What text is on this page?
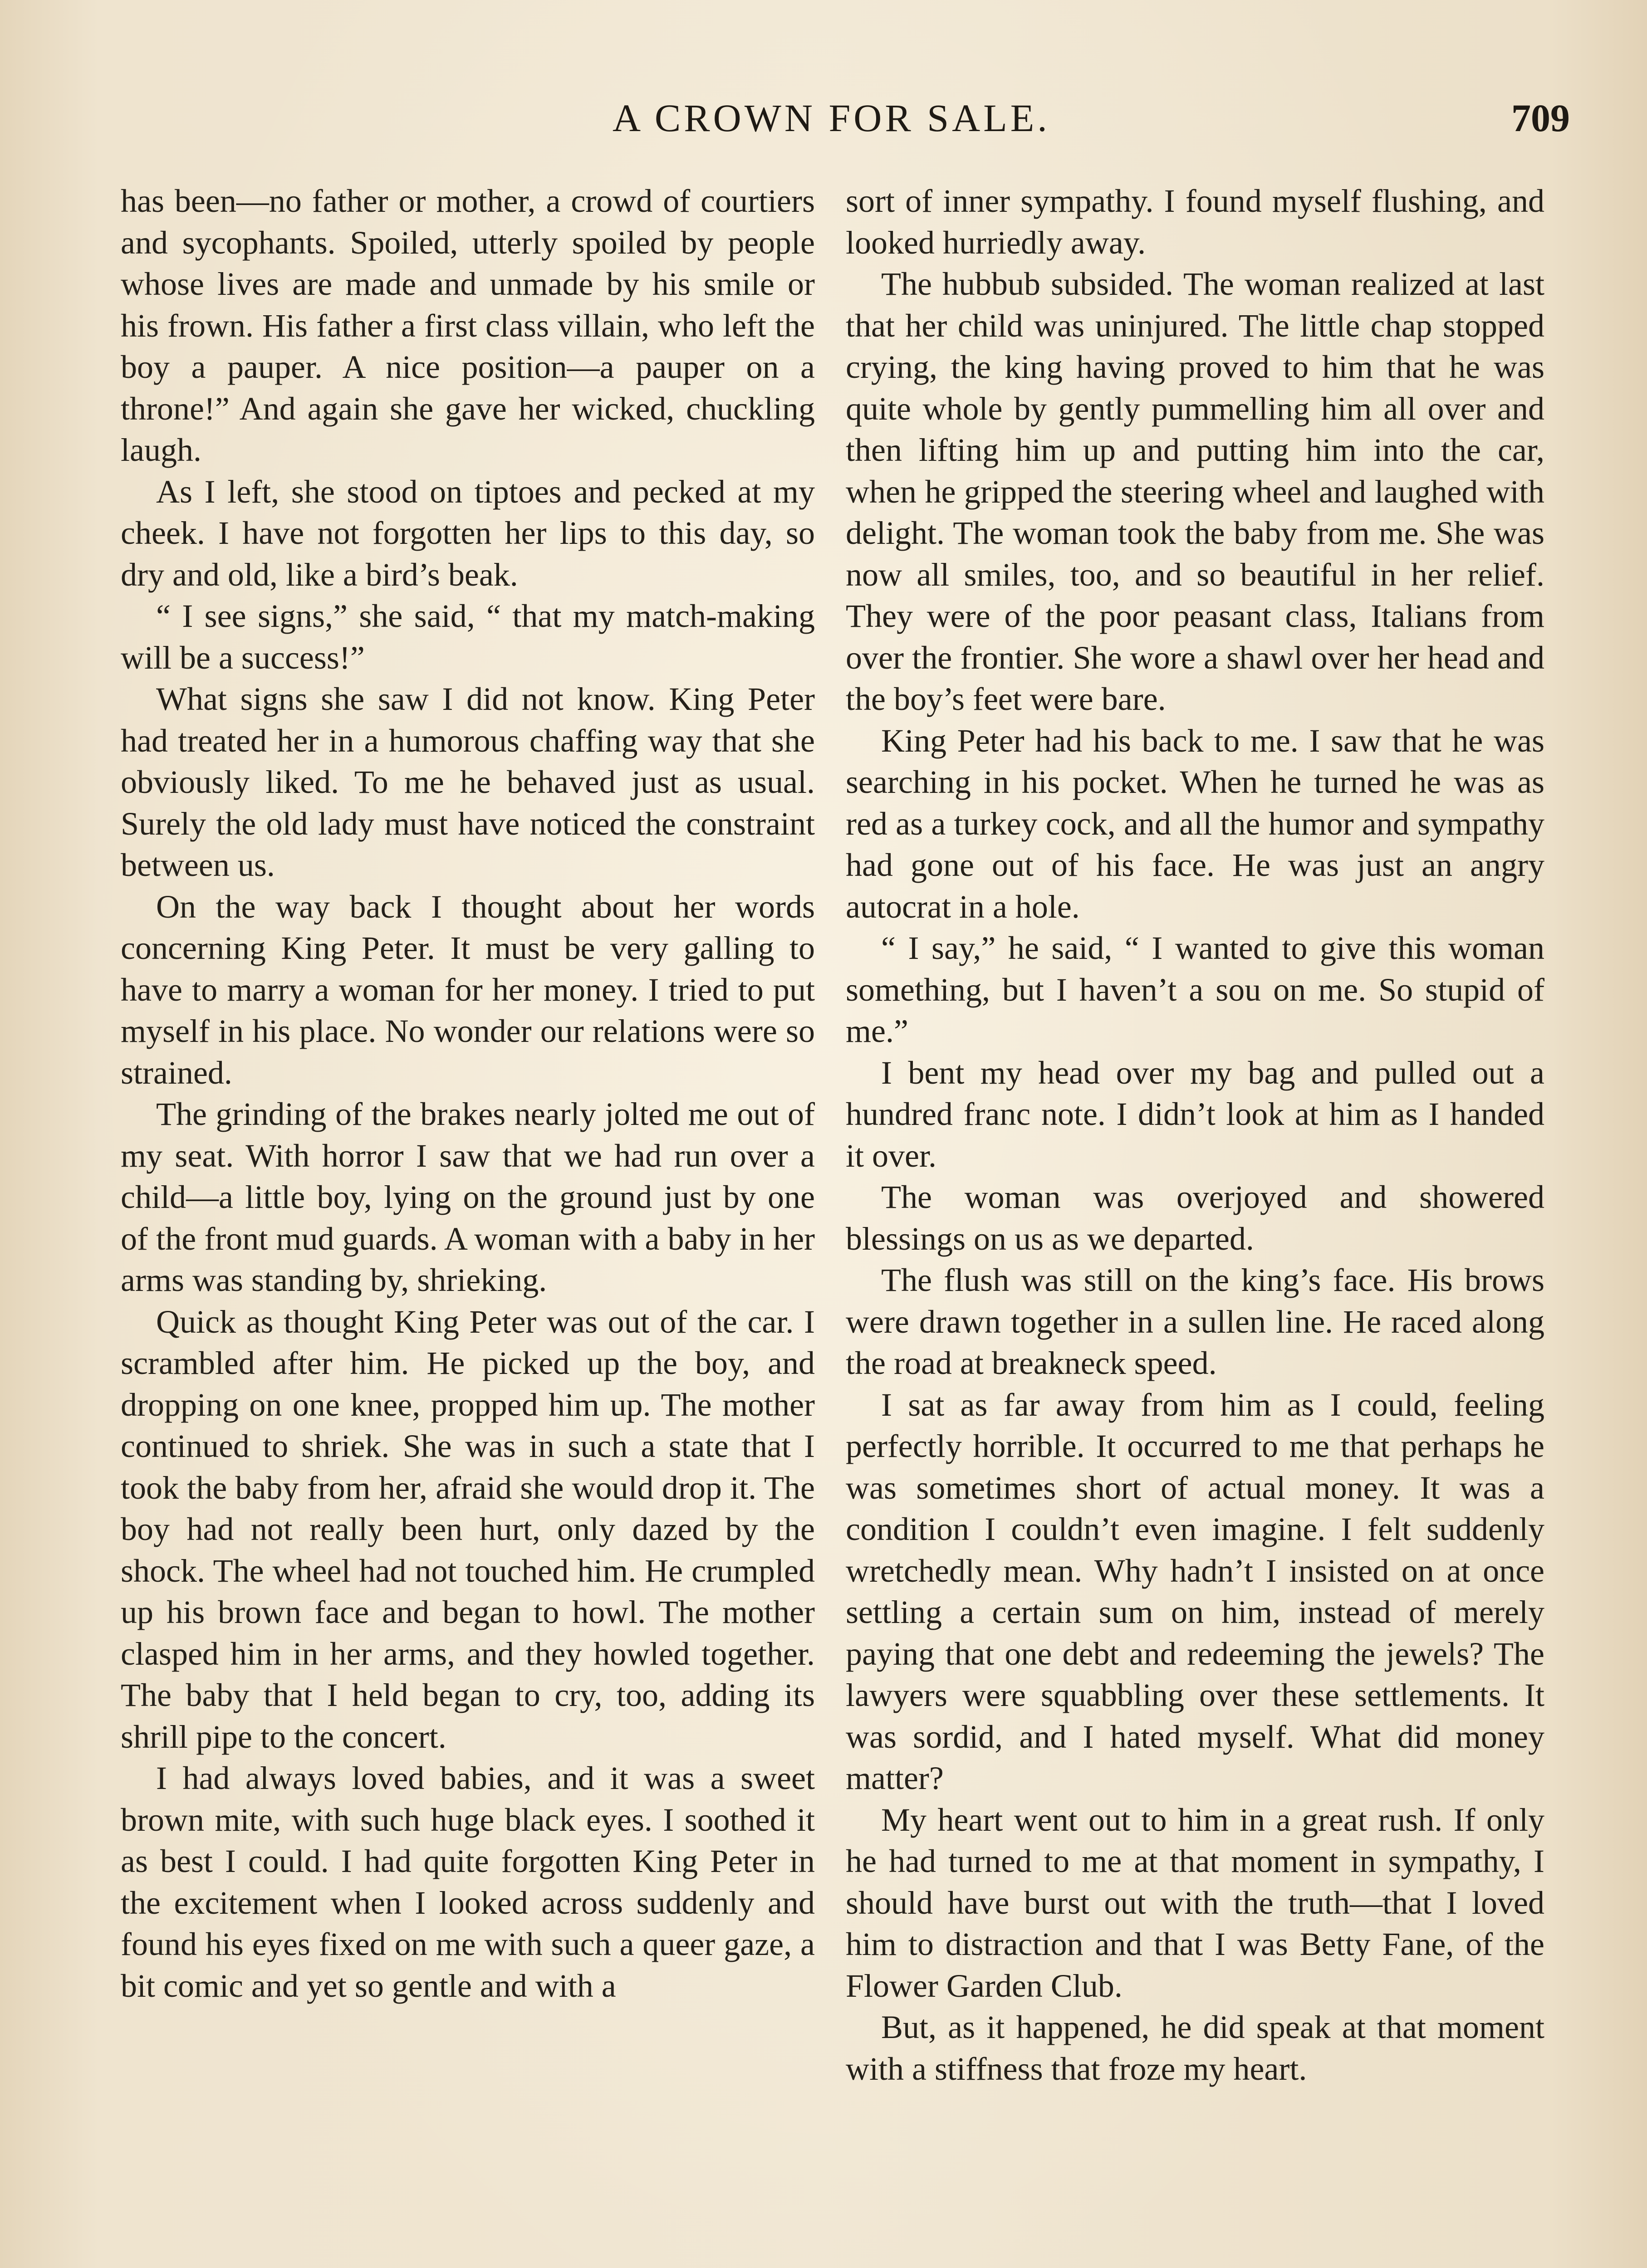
A CROWN FOR SALE.	709

has been—no father or mother, a crowd of courtiers and sycophants. Spoiled, utterly spoiled by people whose lives are made and unmade by his smile or his frown. His father a first class villain, who left the boy a pauper. A nice position—a pauper on a throne!” And again she gave her wicked, chuckling laugh.

As I left, she stood on tiptoes and pecked at my cheek. I have not forgotten her lips to this day, so dry and old, like a bird’s beak.

“ I see signs,” she said, “ that my match-making will be a success!”

What signs she saw I did not know. King Peter had treated her in a humorous chaffing way that she obviously liked. To me he behaved just as usual. Surely the old lady must have noticed the constraint between us.

On the way back I thought about her words concerning King Peter. It must be very galling to have to marry a woman for her money. I tried to put myself in his place. No wonder our relations were so strained.

The grinding of the brakes nearly jolted me out of my seat. With horror I saw that we had run over a child—a little boy, lying on the ground just by one of the front mud guards. A woman with a baby in her arms was standing by, shrieking.

Quick as thought King Peter was out of the car. I scrambled after him. He picked up the boy, and dropping on one knee, propped him up. The mother continued to shriek. She was in such a state that I took the baby from her, afraid she would drop it. The boy had not really been hurt, only dazed by the shock. The wheel had not touched him. He crumpled up his brown face and began to howl. The mother clasped him in her arms, and they howled together. The baby that I held began to cry, too, adding its shrill pipe to the concert.

I had always loved babies, and it was a sweet brown mite, with such huge black eyes. I soothed it as best I could. I had quite forgotten King Peter in the excitement when I looked across suddenly and found his eyes fixed on me with such a queer gaze, a bit comic and yet so gentle and with a

sort of inner sympathy. I found myself flushing, and looked hurriedly away.

The hubbub subsided. The woman realized at last that her child was uninjured. The little chap stopped crying, the king having proved to him that he was quite whole by gently pummelling him all over and then lifting him up and putting him into the car, when he gripped the steering wheel and laughed with delight. The woman took the baby from me. She was now all smiles, too, and so beautiful in her relief. They were of the poor peasant class, Italians from over the frontier. She wore a shawl over her head and the boy’s feet were bare.

King Peter had his back to me. I saw that he was searching in his pocket. When he turned he was as red as a turkey cock, and all the humor and sympathy had gone out of his face. He was just an angry autocrat in a hole.

“ I say,” he said, “ I wanted to give this woman something, but I haven’t a sou on me. So stupid of me.”

I bent my head over my bag and pulled out a hundred franc note. I didn’t look at him as I handed it over.

The woman was overjoyed and showered blessings on us as we departed.

The flush was still on the king’s face. His brows were drawn together in a sullen line. He raced along the road at breakneck speed.

I sat as far away from him as I could, feeling perfectly horrible. It occurred to me that perhaps he was sometimes short of actual money. It was a condition I couldn’t even imagine. I felt suddenly wretchedly mean. Why hadn’t I insisted on at once settling a certain sum on him, instead of merely paying that one debt and redeeming the jewels? The lawyers were squabbling over these settlements. It was sordid, and I hated myself. What did money matter?

My heart went out to him in a great rush. If only he had turned to me at that moment in sympathy, I should have burst out with the truth—that I loved him to distraction and that I was Betty Fane, of the Flower Garden Club.

But, as it happened, he did speak at that moment with a stiffness that froze my heart.
